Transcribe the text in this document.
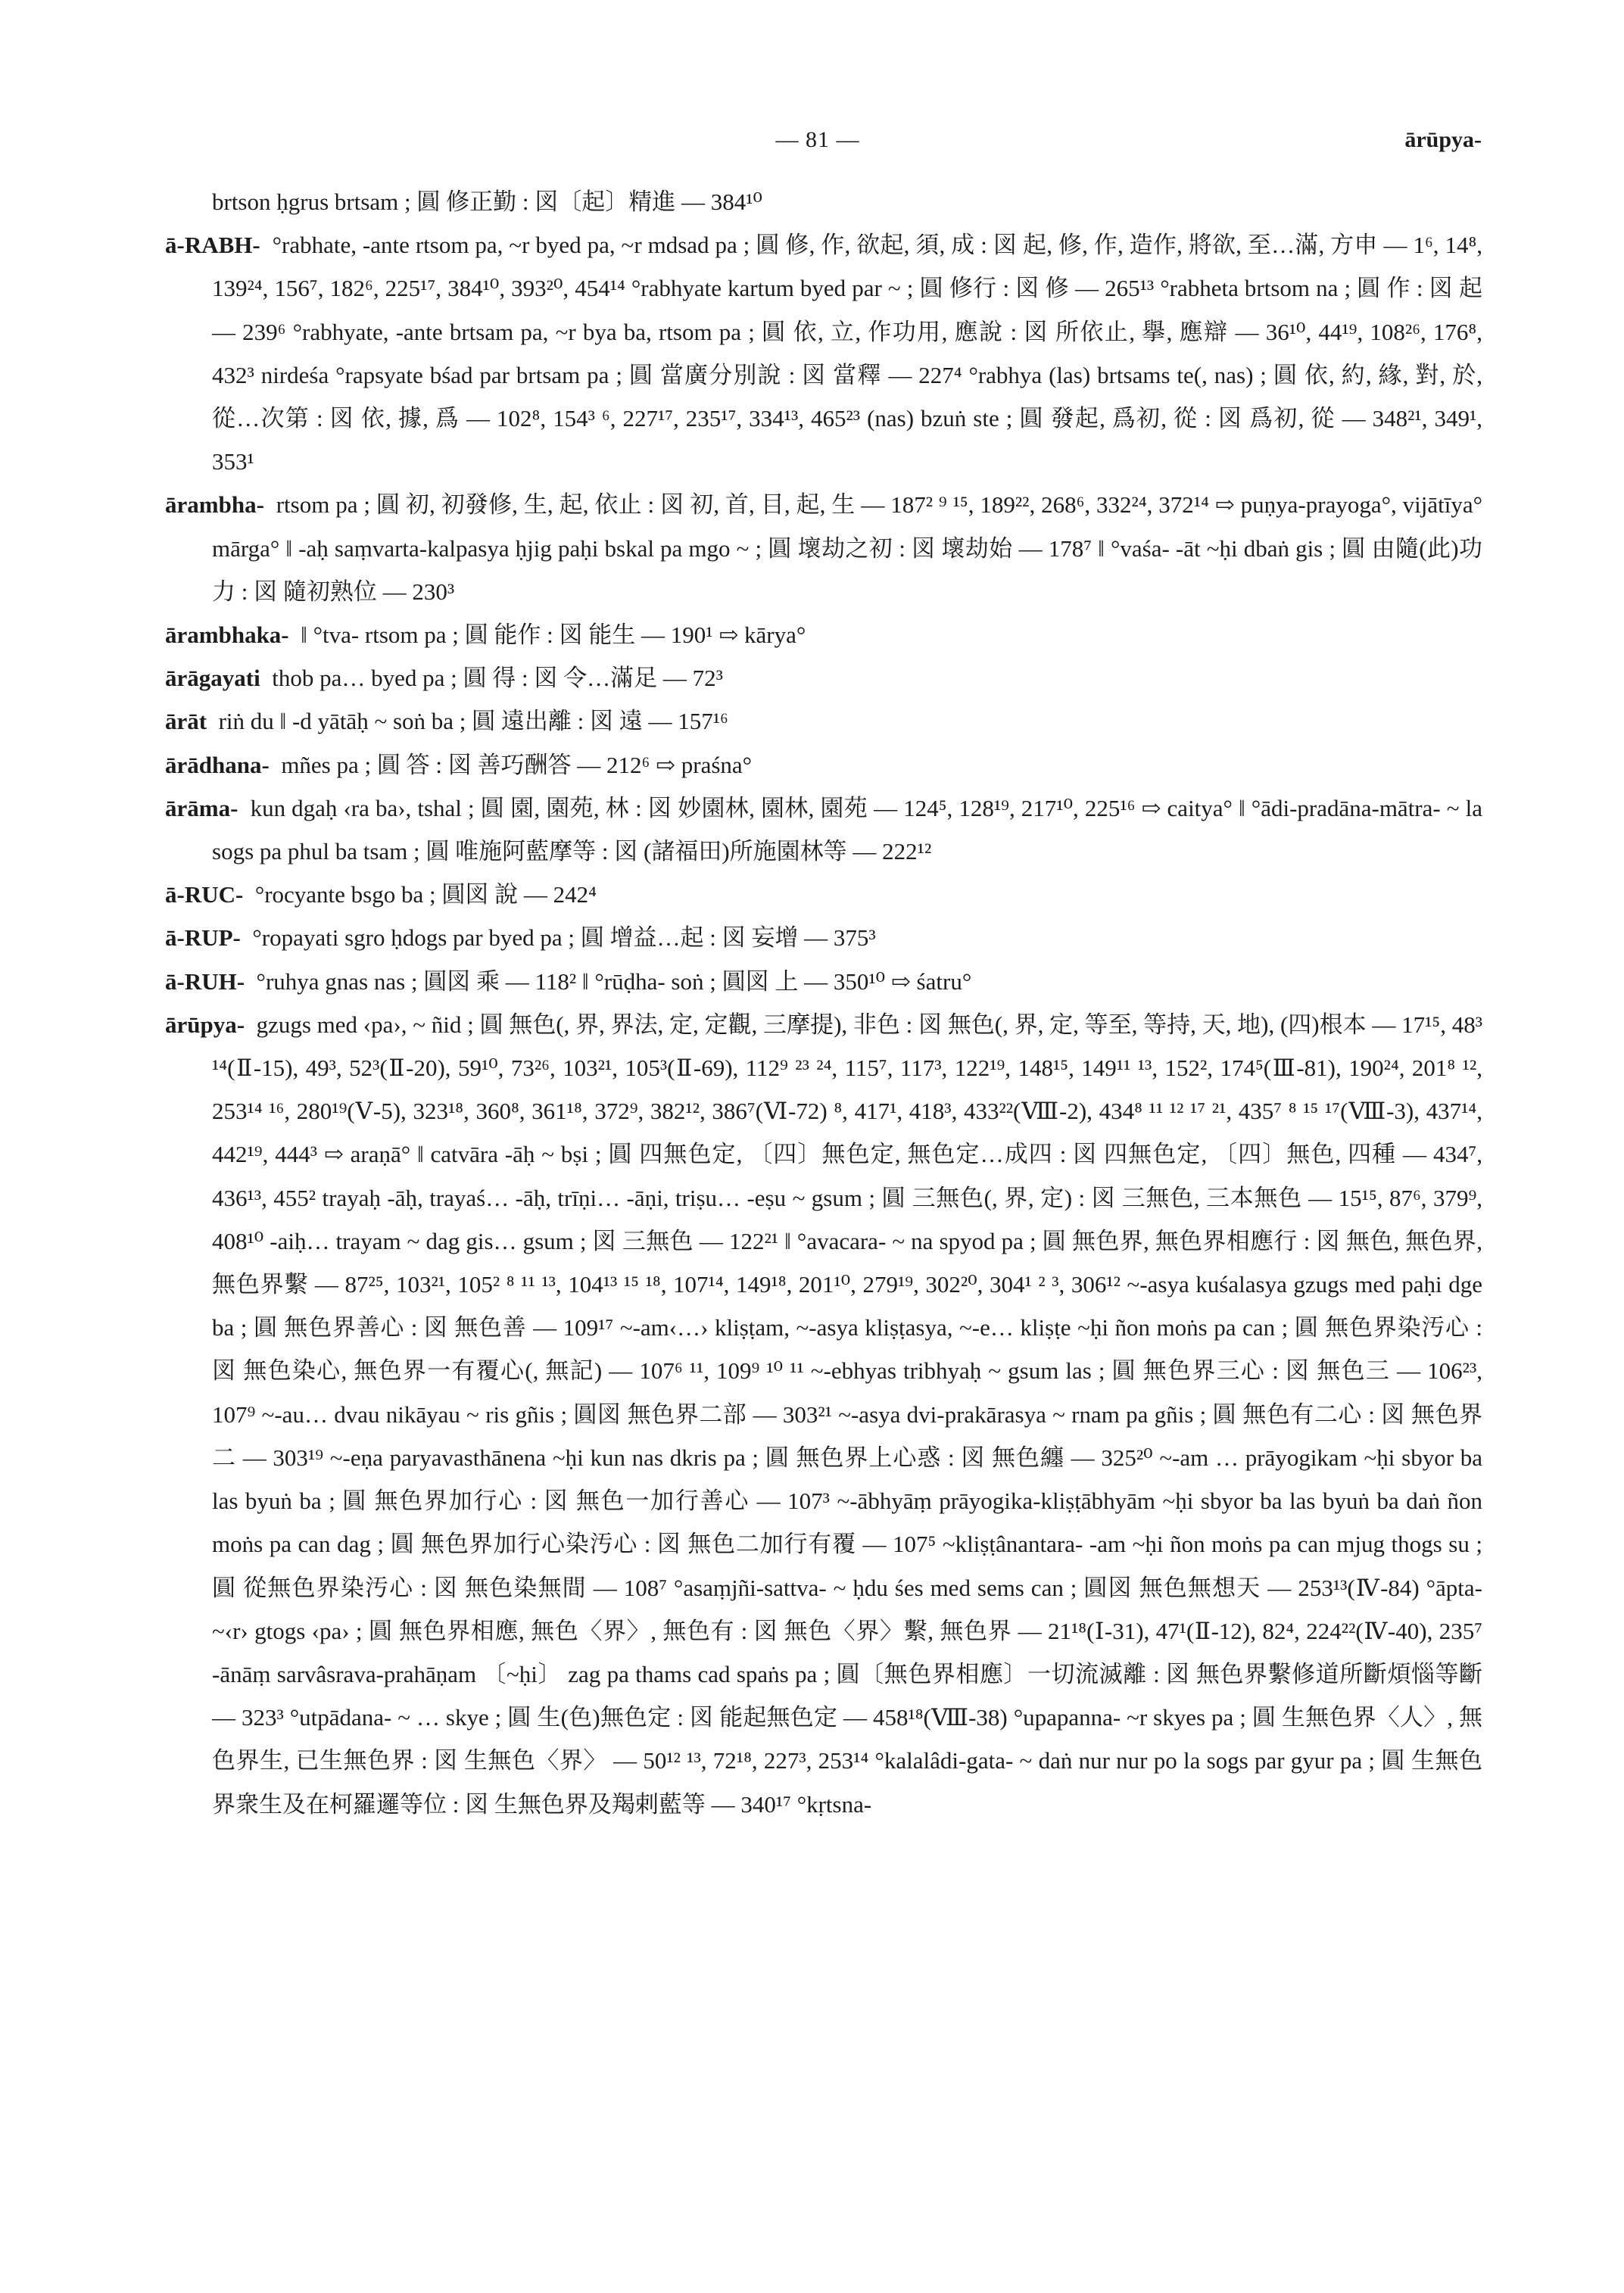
— 81 —	ārūpya-

brtson ḥgrus brtsam ; 圓 修正勤 : 図〔起〕精進 — 384¹⁰

ā-RABH- °rabhate, -ante rtsom pa, ~r byed pa, ~r mdsad pa ; 圓 修, 作, 欲起, 須, 成 : 図 起, 修, 作, 造作, 將欲, 至…滿, 方申 — 1⁶, 14⁸, 139²⁴, 156⁷, 182⁶, 225¹⁷, 384¹⁰, 393²⁰, 454¹⁴ °rabhyate kartum byed par ~ ; 圓 修行 : 図 修 — 265¹³ °rabheta brtsom na ; 圓 作 : 図 起 — 239⁶ °rabhyate, -ante brtsam pa, ~r bya ba, rtsom pa ; 圓 依, 立, 作功用, 應說 : 図 所依止, 擧, 應辯 — 36¹⁰, 44¹⁹, 108²⁶, 176⁸, 432³ nirdeśa °rapsyate bśad par brtsam pa ; 圓 當廣分別說 : 図 當釋 — 227⁴ °rabhya (las) brtsams te(, nas) ; 圓 依, 約, 緣, 對, 於, 從…次第 : 図 依, 據, 爲 — 102⁸, 154³ ⁶, 227¹⁷, 235¹⁷, 334¹³, 465²³ (nas) bzuṅ ste ; 圓 發起, 爲初, 從 : 図 爲初, 從 — 348²¹, 349¹, 353¹

ārambha- rtsom pa ; 圓 初, 初發修, 生, 起, 依止 : 図 初, 首, 目, 起, 生 — 187² ⁹ ¹⁵, 189²², 268⁶, 332²⁴, 372¹⁴ ⇨ puṇya-prayoga°, vijātīya° mārga° ‖ -aḥ saṃvarta-kalpasya ḥjig paḥi bskal pa mgo ~ ; 圓 壞劫之初 : 図 壞劫始 — 178⁷ ‖ °vaśa- -āt ~ḥi dbaṅ gis ; 圓 由隨(此)功力 : 図 隨初熟位 — 230³

ārambhaka- ‖ °tva- rtsom pa ; 圓 能作 : 図 能生 — 190¹ ⇨ kārya°

ārāgayati thob pa… byed pa ; 圓 得 : 図 令…滿足 — 72³

ārāt riṅ du ‖ -d yātāḥ ~ soṅ ba ; 圓 遠出離 : 図 遠 — 157¹⁶

ārādhana- mñes pa ; 圓 答 : 図 善巧酬答 — 212⁶ ⇨ praśna°

ārāma- kun dgaḥ ‹ra ba›, tshal ; 圓 園, 園苑, 林 : 図 妙園林, 園林, 園苑 — 124⁵, 128¹⁹, 217¹⁰, 225¹⁶ ⇨ caitya° ‖ °ādi-pradāna-mātra- ~ la sogs pa phul ba tsam ; 圓 唯施阿藍摩等 : 図 (諸福田)所施園林等 — 222¹²

ā-RUC- °rocyante bsgo ba ; 圓図 說 — 242⁴

ā-RUP- °ropayati sgro ḥdogs par byed pa ; 圓 增益…起 : 図 妄增 — 375³

ā-RUH- °ruhya gnas nas ; 圓図 乘 — 118² ‖ °rūḍha- soṅ ; 圓図 上 — 350¹⁰ ⇨ śatru°

ārūpya- gzugs med ‹pa›, ~ ñid ; 圓 無色(, 界, 界法, 定, 定觀, 三摩提), 非色 : 図 無色(, 界, 定, 等至, 等持, 天, 地), (四)根本 — 17¹⁵, 48³ ¹⁴(Ⅱ-15), 49³, 52³(Ⅱ-20), 59¹⁰, 73²⁶, 103²¹, 105³(Ⅱ-69), 112⁹ ²³ ²⁴, 115⁷, 117³, 122¹⁹, 148¹⁵, 149¹¹ ¹³, 152², 174⁵(Ⅲ-81), 190²⁴, 201⁸ ¹², 253¹⁴ ¹⁶, 280¹⁹(Ⅴ-5), 323¹⁸, 360⁸, 361¹⁸, 372⁹, 382¹², 386⁷(Ⅵ-72) ⁸, 417¹, 418³, 433²²(Ⅷ-2), 434⁸ ¹¹ ¹² ¹⁷ ²¹, 435⁷ ⁸ ¹⁵ ¹⁷(Ⅷ-3), 437¹⁴, 442¹⁹, 444³ ⇨ araṇā° ‖ catvāra -āḥ ~ bṣi ; 圓 四無色定, 〔四〕無色定, 無色定…成四 : 図 四無色定, 〔四〕無色, 四種 — 434⁷, 436¹³, 455² trayaḥ -āḥ, trayaś… -āḥ, trīṇi… -āṇi, triṣu… -eṣu ~ gsum ; 圓 三無色(, 界, 定) : 図 三無色, 三本無色 — 15¹⁵, 87⁶, 379⁹, 408¹⁰ -aiḥ… trayam ~ dag gis… gsum ; 図 三無色 — 122²¹ ‖ °avacara- ~ na spyod pa ; 圓 無色界, 無色界相應行 : 図 無色, 無色界, 無色界繫 — 87²⁵, 103²¹, 105² ⁸ ¹¹ ¹³, 104¹³ ¹⁵ ¹⁸, 107¹⁴, 149¹⁸, 201¹⁰, 279¹⁹, 302²⁰, 304¹ ² ³, 306¹² ~-asya kuśalasya gzugs med paḥi dge ba ; 圓 無色界善心 : 図 無色善 — 109¹⁷ ~-am‹…› kliṣṭam, ~-asya kliṣṭasya, ~-e… kliṣṭe ~ḥi ñon moṅs pa can ; 圓 無色界染汚心 : 図 無色染心, 無色界一有覆心(, 無記) — 107⁶ ¹¹, 109⁹ ¹⁰ ¹¹ ~-ebhyas tribhyaḥ ~ gsum las ; 圓 無色界三心 : 図 無色三 — 106²³, 107⁹ ~-au… dvau nikāyau ~ ris gñis ; 圓図 無色界二部 — 303²¹ ~-asya dvi-prakārasya ~ rnam pa gñis ; 圓 無色有二心 : 図 無色界二 — 303¹⁹ ~-eṇa paryavasthānena ~ḥi kun nas dkris pa ; 圓 無色界上心惑 : 図 無色纏 — 325²⁰ ~-am … prāyogikam ~ḥi sbyor ba las byuṅ ba ; 圓 無色界加行心 : 図 無色一加行善心 — 107³ ~-ābhyāṃ prāyogika-kliṣṭābhyām ~ḥi sbyor ba las byuṅ ba daṅ ñon moṅs pa can dag ; 圓 無色界加行心染汚心 : 図 無色二加行有覆 — 107⁵ ~kliṣṭânantara- -am ~ḥi ñon moṅs pa can mjug thogs su ; 圓 從無色界染汚心 : 図 無色染無間 — 108⁷ °asaṃjñi-sattva- ~ ḥdu śes med sems can ; 圓図 無色無想天 — 253¹³(Ⅳ-84) °āpta- ~‹r› gtogs ‹pa› ; 圓 無色界相應, 無色〈界〉, 無色有 : 図 無色〈界〉繫, 無色界 — 21¹⁸(Ⅰ-31), 47¹(Ⅱ-12), 82⁴, 224²²(Ⅳ-40), 235⁷ -ānāṃ sarvâsrava-prahāṇam 〔~ḥi〕 zag pa thams cad spaṅs pa ; 圓〔無色界相應〕一切流滅離 : 図 無色界繫修道所斷煩惱等斷 — 323³ °utpādana- ~ … skye ; 圓 生(色)無色定 : 図 能起無色定 — 458¹⁸(Ⅷ-38) °upapanna- ~r skyes pa ; 圓 生無色界〈人〉, 無色界生, 已生無色界 : 図 生無色〈界〉 — 50¹² ¹³, 72¹⁸, 227³, 253¹⁴ °kalalâdi-gata- ~ daṅ nur nur po la sogs par gyur pa ; 圓 生無色界衆生及在柯羅邏等位 : 図 生無色界及羯剌藍等 — 340¹⁷ °kṛtsna-
